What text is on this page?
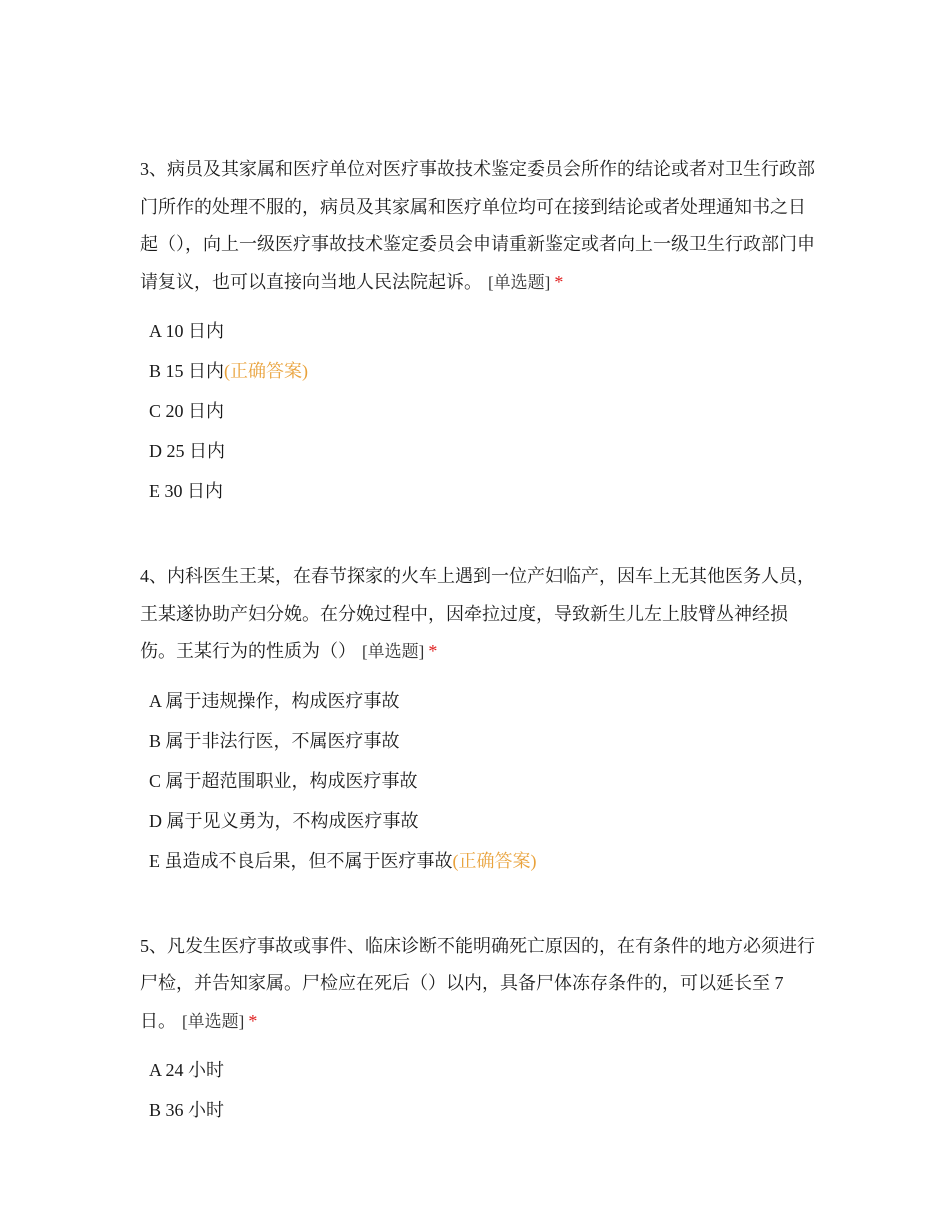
3、病员及其家属和医疗单位对医疗事故技术鉴定委员会所作的结论或者对卫生行政部门所作的处理不服的，病员及其家属和医疗单位均可在接到结论或者处理通知书之日起（），向上一级医疗事故技术鉴定委员会申请重新鉴定或者向上一级卫生行政部门申请复议，也可以直接向当地人民法院起诉。 [单选题] *

A 10 日内
B 15 日内(正确答案)
C 20 日内
D 25 日内
E 30 日内

4、内科医生王某，在春节探家的火车上遇到一位产妇临产，因车上无其他医务人员，王某遂协助产妇分娩。在分娩过程中，因牵拉过度，导致新生儿左上肢臂丛神经损伤。王某行为的性质为（） [单选题] *

A 属于违规操作，构成医疗事故
B 属于非法行医，不属医疗事故
C 属于超范围职业，构成医疗事故
D 属于见义勇为，不构成医疗事故
E 虽造成不良后果，但不属于医疗事故(正确答案)

5、凡发生医疗事故或事件、临床诊断不能明确死亡原因的，在有条件的地方必须进行尸检，并告知家属。尸检应在死后（）以内，具备尸体冻存条件的，可以延长至 7 日。 [单选题] *

A 24 小时
B 36 小时
